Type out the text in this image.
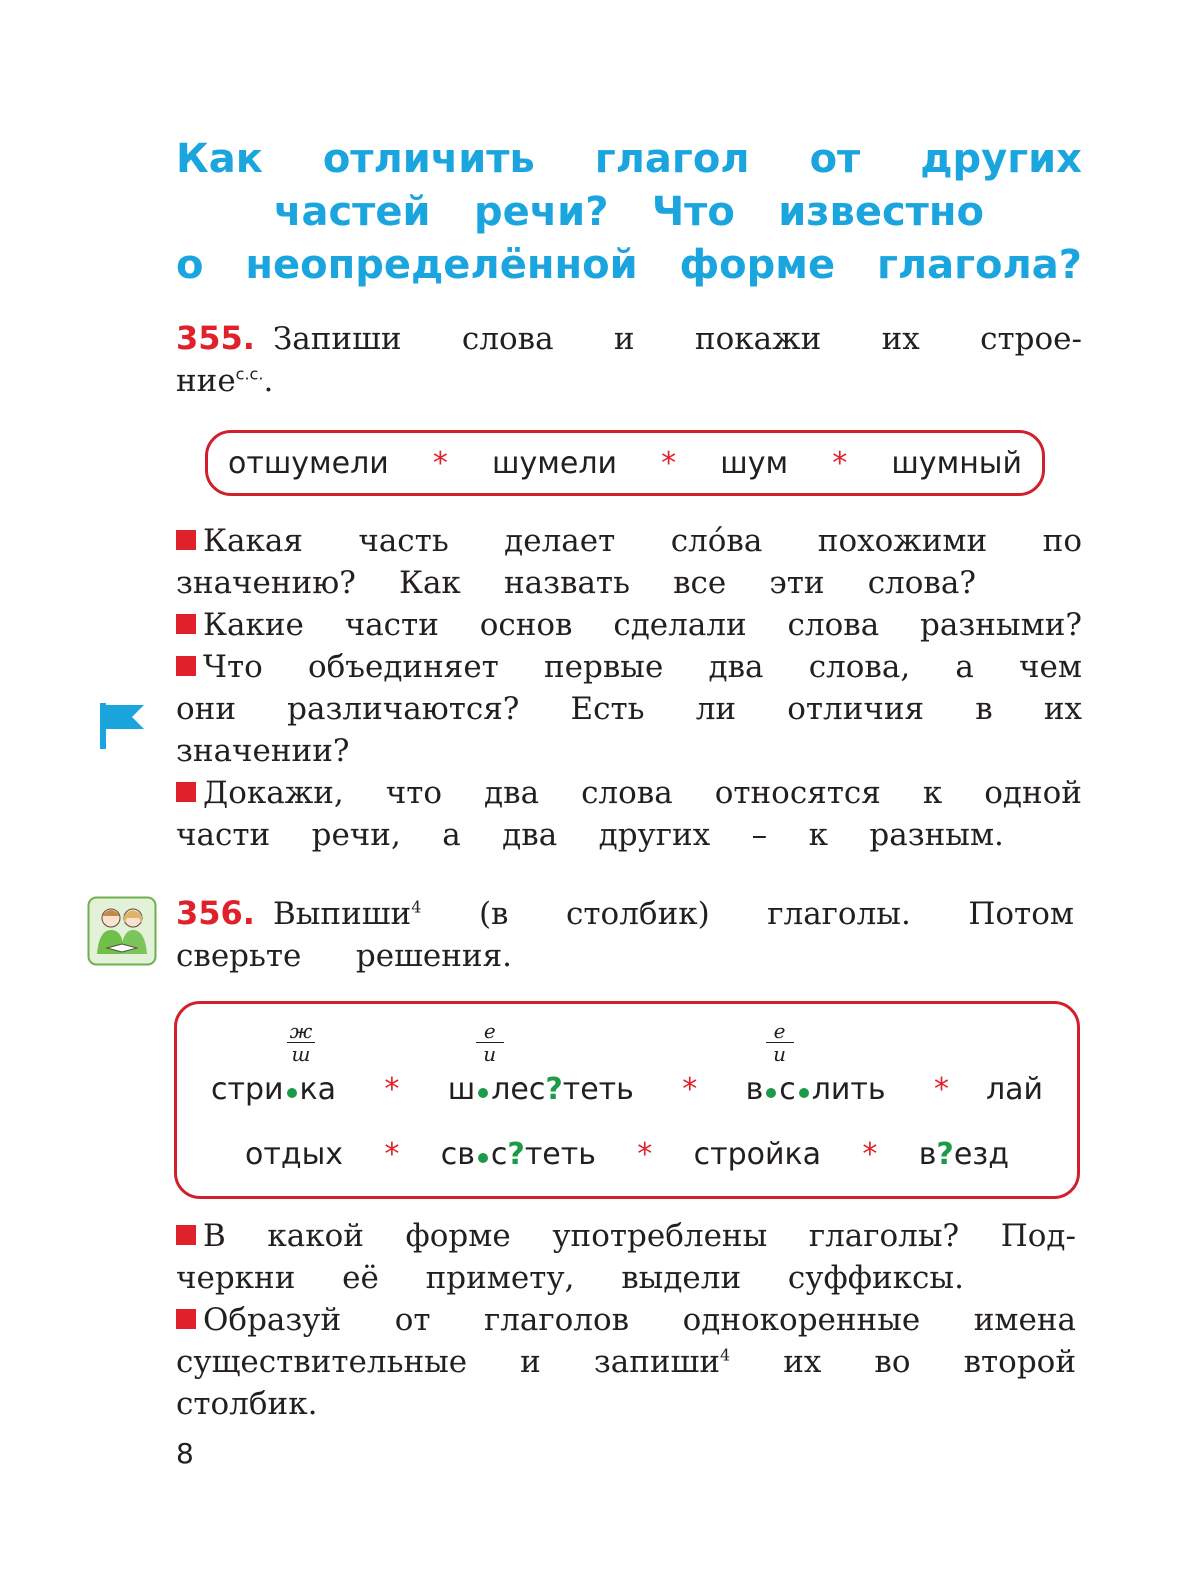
Как отличить глагол от других
частей речи? Что известно
о неопределённой форме глагола?
355. Запиши слова и покажи их строе-
ние$^{с.с.}$.
отшумели * шумели * шум * шумный
Какая часть делает сло́ва похожими по
значению? Как назвать все эти слова?
Какие части основ сделали слова разными?
Что объединяет первые два слова, а чем
они различаются? Есть ли отличия в их
значении?
Докажи, что два слова относятся к одной
части речи, а два других – к разным.
356. Выпиши$^4$ (в столбик) глаголы. Потом
сверьте решения.
ж
ш
стри ка *
е
и
ш лес?теть *
е
и
в с лить * лай
отдых * св с?теть * стройка * в?езд
В какой форме употреблены глаголы? Под-
черкни её примету, выдели суффиксы.
Образуй от глаголов однокоренные имена
существительные и запиши$^4$ их во второй
столбик.
8
